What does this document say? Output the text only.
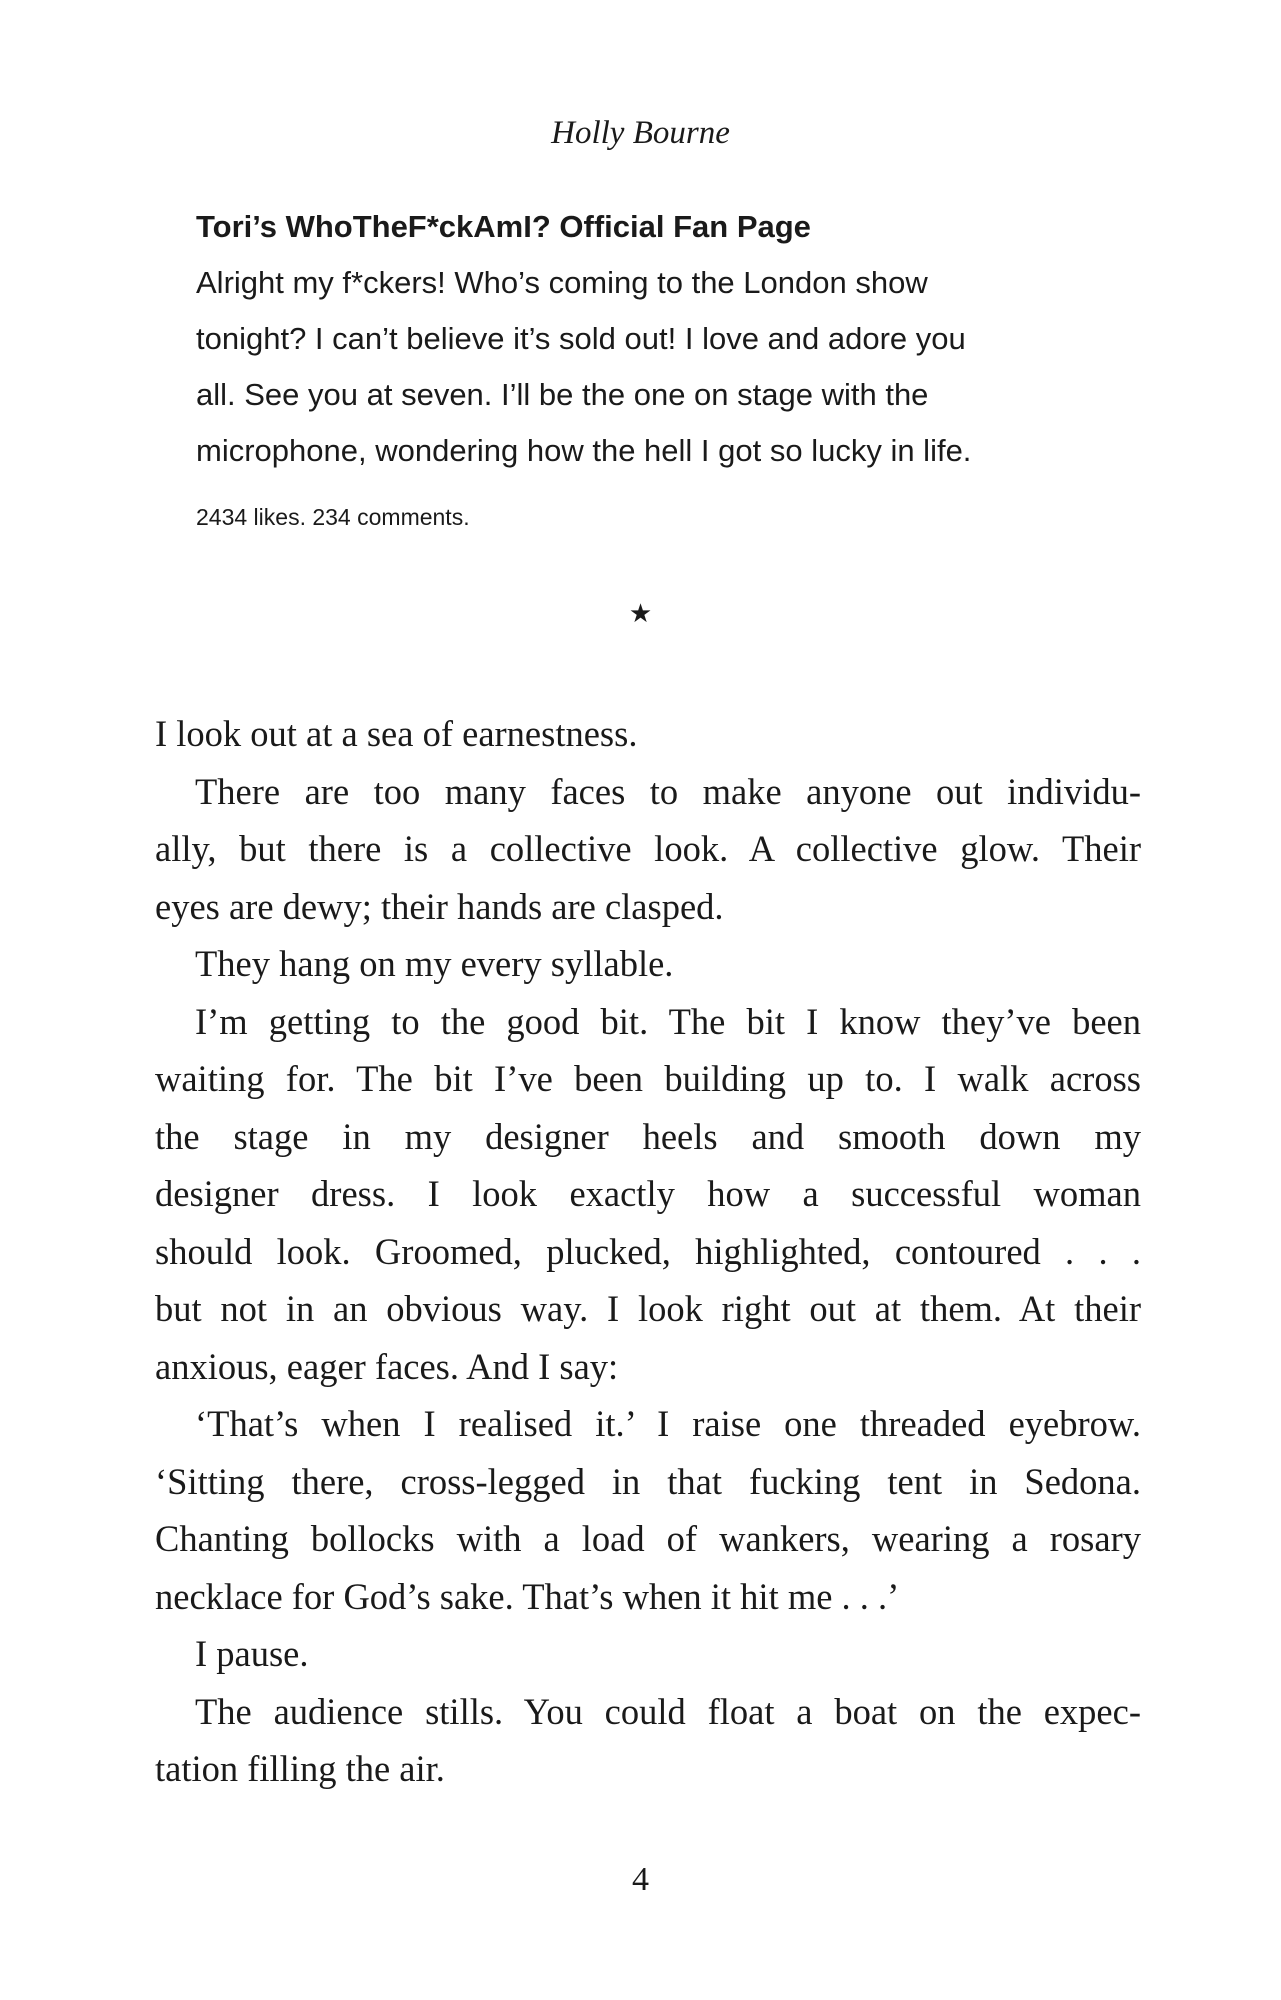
Holly Bourne
Tori’s WhoTheF*ckAmI? Official Fan Page
Alright my f*ckers! Who’s coming to the London show
tonight? I can’t believe it’s sold out! I love and adore you
all. See you at seven. I’ll be the one on stage with the
microphone, wondering how the hell I got so lucky in life.
2434 likes. 234 comments.
★
I look out at a sea of earnestness.
There are too many faces to make anyone out individu-
ally, but there is a collective look. A collective glow. Their
eyes are dewy; their hands are clasped.
They hang on my every syllable.
I’m getting to the good bit. The bit I know they’ve been
waiting for. The bit I’ve been building up to. I walk across
the stage in my designer heels and smooth down my
designer dress. I look exactly how a successful woman
should look. Groomed, plucked, highlighted, contoured . . .
but not in an obvious way. I look right out at them. At their
anxious, eager faces. And I say:
‘That’s when I realised it.’ I raise one threaded eyebrow.
‘Sitting there, cross-legged in that fucking tent in Sedona.
Chanting bollocks with a load of wankers, wearing a rosary
necklace for God’s sake. That’s when it hit me . . .’
I pause.
The audience stills. You could float a boat on the expec-
tation filling the air.
4
